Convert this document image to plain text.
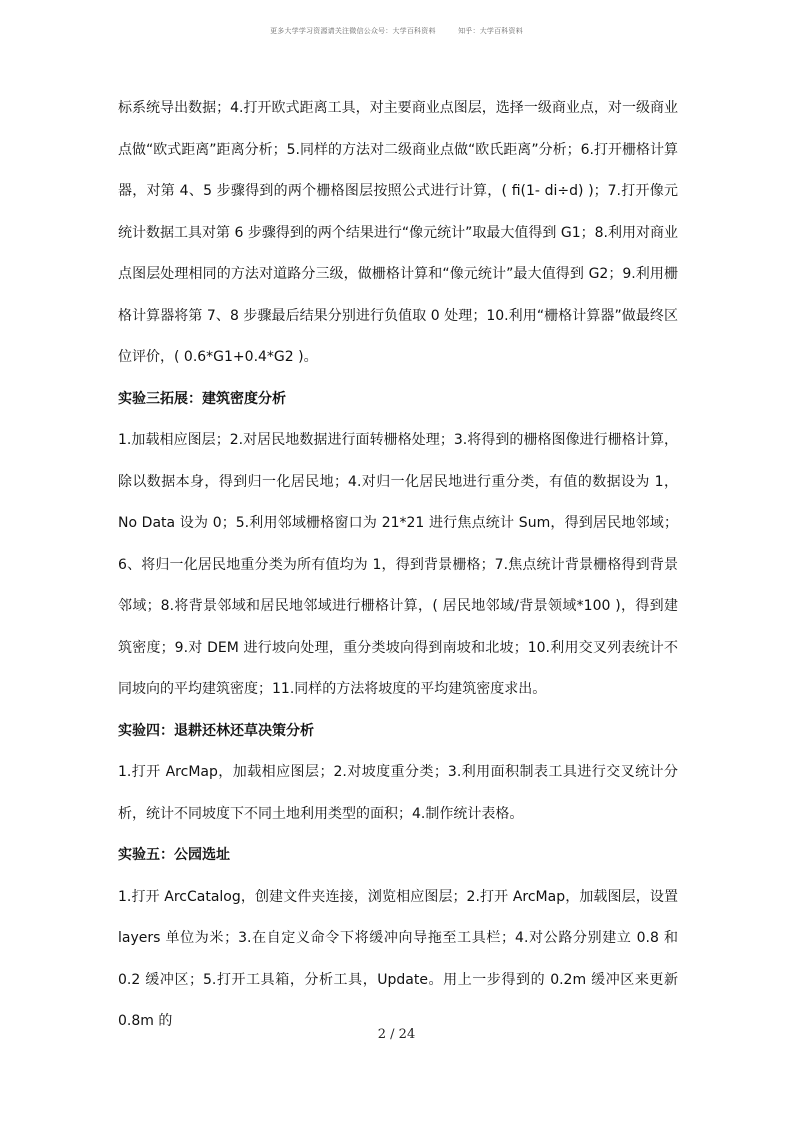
更多大学学习资源请关注微信公众号：大学百科资料	知乎：大学百科资料

标系统导出数据；4.打开欧式距离工具，对主要商业点图层，选择一级商业点，对一级商业点做“欧式距离”距离分析；5.同样的方法对二级商业点做“欧氏距离”分析；6.打开栅格计算器，对第 4、5 步骤得到的两个栅格图层按照公式进行计算，( fi(1- di÷d) )；7.打开像元统计数据工具对第 6 步骤得到的两个结果进行“像元统计”取最大值得到 G1；8.利用对商业点图层处理相同的方法对道路分三级，做栅格计算和“像元统计”最大值得到 G2；9.利用栅格计算器将第 7、8 步骤最后结果分别进行负值取 0 处理；10.利用“栅格计算器”做最终区位评价，( 0.6*G1+0.4*G2 )。

实验三拓展：建筑密度分析

1.加载相应图层；2.对居民地数据进行面转栅格处理；3.将得到的栅格图像进行栅格计算，除以数据本身，得到归一化居民地；4.对归一化居民地进行重分类，有值的数据设为 1，No Data 设为 0；5.利用邻域栅格窗口为 21*21 进行焦点统计 Sum，得到居民地邻域；6、将归一化居民地重分类为所有值均为 1，得到背景栅格；7.焦点统计背景栅格得到背景邻域；8.将背景邻域和居民地邻域进行栅格计算，( 居民地邻域/背景领域*100 )，得到建筑密度；9.对 DEM 进行坡向处理，重分类坡向得到南坡和北坡；10.利用交叉列表统计不同坡向的平均建筑密度；11.同样的方法将坡度的平均建筑密度求出。

实验四：退耕还林还草决策分析

1.打开 ArcMap，加载相应图层；2.对坡度重分类；3.利用面积制表工具进行交叉统计分析，统计不同坡度下不同土地利用类型的面积；4.制作统计表格。

实验五：公园选址

1.打开 ArcCatalog，创建文件夹连接，浏览相应图层；2.打开 ArcMap，加载图层，设置 layers 单位为米；3.在自定义命令下将缓冲向导拖至工具栏；4.对公路分别建立 0.8 和 0.2 缓冲区；5.打开工具箱，分析工具，Update。用上一步得到的 0.2m 缓冲区来更新 0.8m 的

2 / 24
